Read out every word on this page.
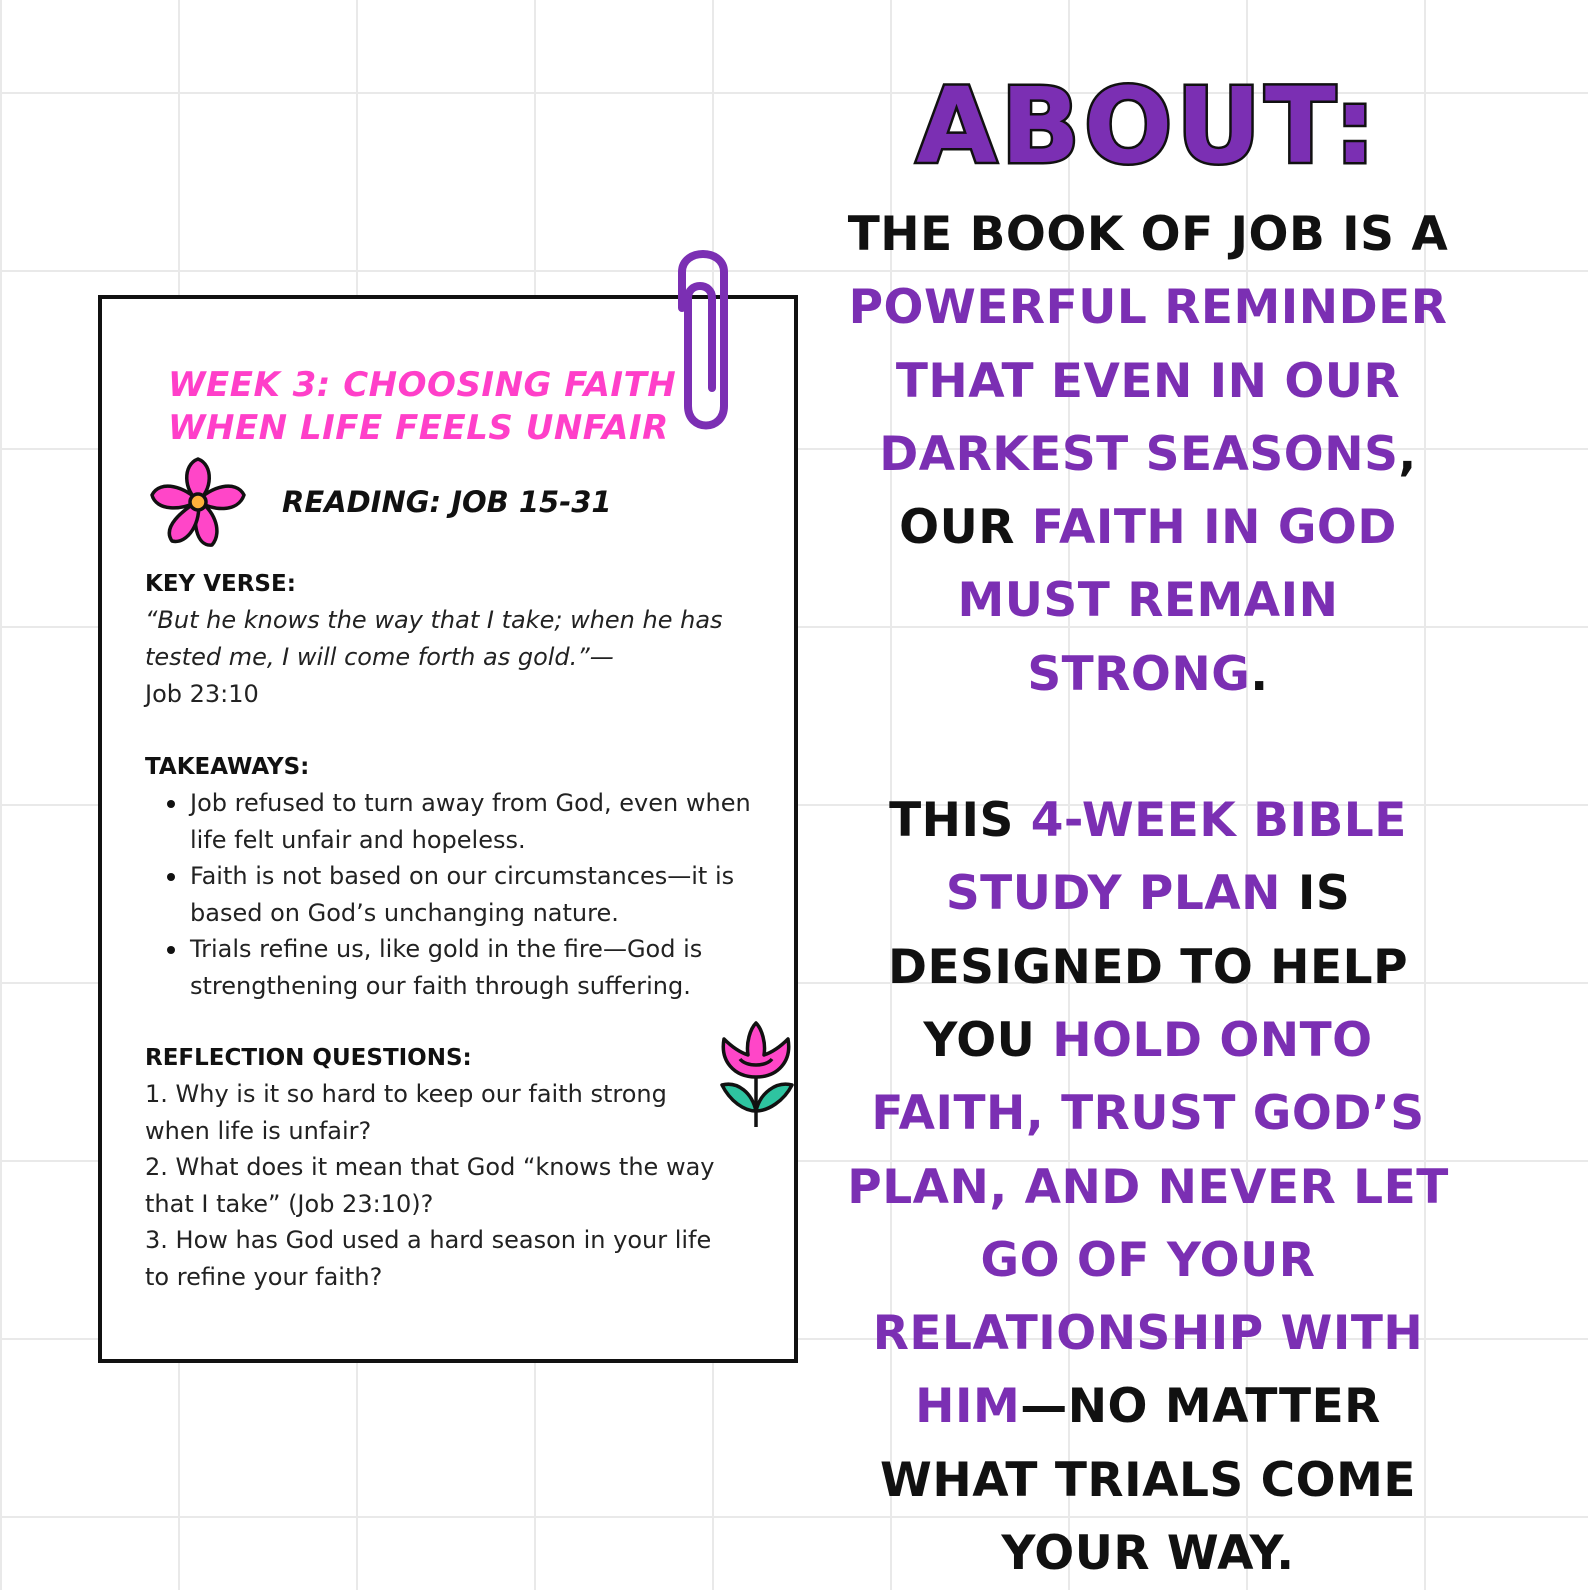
WEEK 3: CHOOSING FAITH
WHEN LIFE FEELS UNFAIR
READING: JOB 15-31
KEY VERSE:
“But he knows the way that I take; when he has tested me, I will come forth as gold.”—
Job 23:10
TAKEAWAYS:
Job refused to turn away from God, even when life felt unfair and hopeless.
Faith is not based on our circumstances—it is based on God’s unchanging nature.
Trials refine us, like gold in the fire—God is strengthening our faith through suffering.
REFLECTION QUESTIONS:
1. Why is it so hard to keep our faith strong when life is unfair?
2. What does it mean that God “knows the way that I take” (Job 23:10)?
3. How has God used a hard season in your life to refine your faith?
ABOUT:

THE BOOK OF JOB IS A POWERFUL REMINDER THAT EVEN IN OUR DARKEST SEASONS, OUR FAITH IN GOD MUST REMAIN STRONG.
THIS 4-WEEK BIBLE STUDY PLAN IS DESIGNED TO HELP YOU HOLD ONTO FAITH, TRUST GOD’S PLAN, AND NEVER LET GO OF YOUR RELATIONSHIP WITH HIM—NO MATTER WHAT TRIALS COME YOUR WAY.
